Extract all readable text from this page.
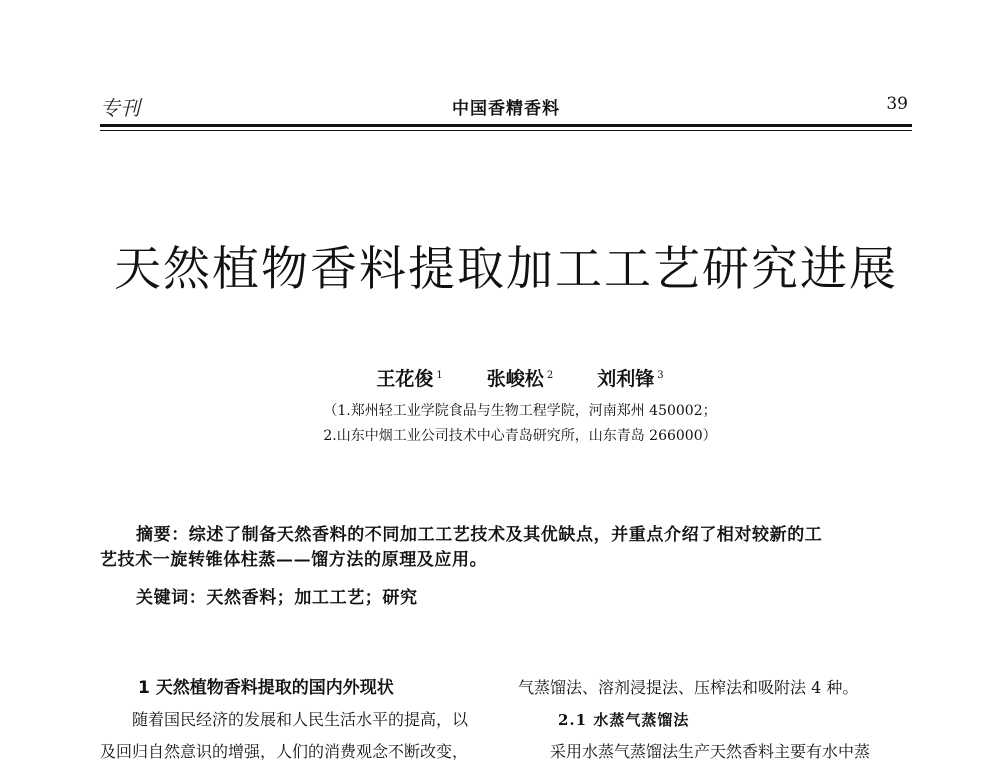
专刊	中国香精香料	39
天然植物香料提取加工工艺研究进展
王花俊 $^1$ 张峻松 $^2$ 刘利锋 $^3$
（1.郑州轻工业学院食品与生物工程学院，河南郑州 450002；
2.山东中烟工业公司技术中心青岛研究所，山东青岛 266000）
摘要：综述了制备天然香料的不同加工工艺技术及其优缺点，并重点介绍了相对较新的工
艺技术一旋转锥体柱蒸——馏方法的原理及应用。
关键词：天然香料；加工工艺；研究
1 天然植物香料提取的国内外现状
随着国民经济的发展和人民生活水平的提高，以
及回归自然意识的增强，人们的消费观念不断改变，
气蒸馏法、溶剂浸提法、压榨法和吸附法 4 种。
2.1 水蒸气蒸馏法
采用水蒸气蒸馏法生产天然香料主要有水中蒸
